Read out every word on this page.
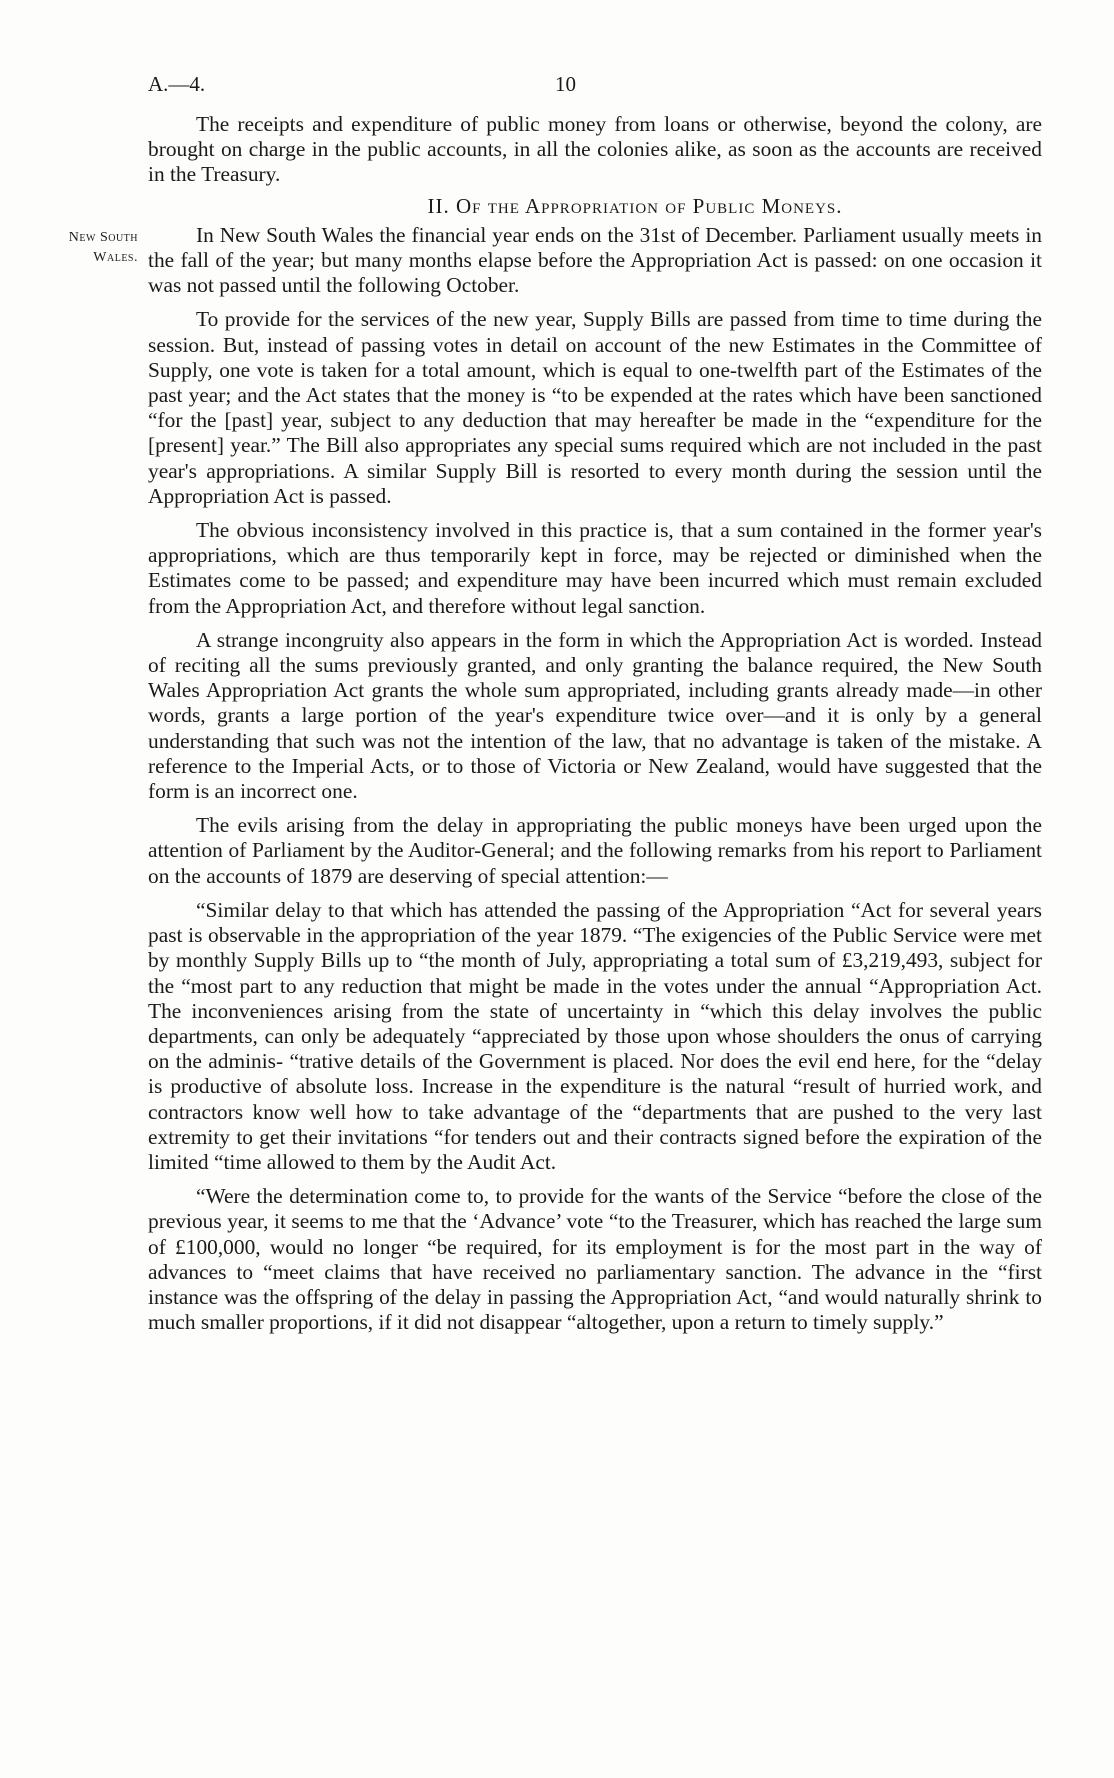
A.—4.	10

The receipts and expenditure of public money from loans or otherwise, beyond the colony, are brought on charge in the public accounts, in all the colonies alike, as soon as the accounts are received in the Treasury.

II. Of the Appropriation of Public Moneys.

In New South Wales the financial year ends on the 31st of December. Parliament usually meets in the fall of the year; but many months elapse before the Appropriation Act is passed: on one occasion it was not passed until the following October.

To provide for the services of the new year, Supply Bills are passed from time to time during the session. But, instead of passing votes in detail on account of the new Estimates in the Committee of Supply, one vote is taken for a total amount, which is equal to one-twelfth part of the Estimates of the past year; and the Act states that the money is “to be expended at the rates which have been sanctioned “for the [past] year, subject to any deduction that may hereafter be made in the “expenditure for the [present] year.” The Bill also appropriates any special sums required which are not included in the past year's appropriations. A similar Supply Bill is resorted to every month during the session until the Appropriation Act is passed.

The obvious inconsistency involved in this practice is, that a sum contained in the former year's appropriations, which are thus temporarily kept in force, may be rejected or diminished when the Estimates come to be passed; and expenditure may have been incurred which must remain excluded from the Appropriation Act, and therefore without legal sanction.

A strange incongruity also appears in the form in which the Appropriation Act is worded. Instead of reciting all the sums previously granted, and only granting the balance required, the New South Wales Appropriation Act grants the whole sum appropriated, including grants already made—in other words, grants a large portion of the year's expenditure twice over—and it is only by a general understanding that such was not the intention of the law, that no advantage is taken of the mistake. A reference to the Imperial Acts, or to those of Victoria or New Zealand, would have suggested that the form is an incorrect one.

The evils arising from the delay in appropriating the public moneys have been urged upon the attention of Parliament by the Auditor-General; and the following remarks from his report to Parliament on the accounts of 1879 are deserving of special attention:—

“Similar delay to that which has attended the passing of the Appropriation “Act for several years past is observable in the appropriation of the year 1879. “The exigencies of the Public Service were met by monthly Supply Bills up to “the month of July, appropriating a total sum of £3,219,493, subject for the “most part to any reduction that might be made in the votes under the annual “Appropriation Act. The inconveniences arising from the state of uncertainty in “which this delay involves the public departments, can only be adequately “appreciated by those upon whose shoulders the onus of carrying on the adminis- “trative details of the Government is placed. Nor does the evil end here, for the “delay is productive of absolute loss. Increase in the expenditure is the natural “result of hurried work, and contractors know well how to take advantage of the “departments that are pushed to the very last extremity to get their invitations “for tenders out and their contracts signed before the expiration of the limited “time allowed to them by the Audit Act.

“Were the determination come to, to provide for the wants of the Service “before the close of the previous year, it seems to me that the ‘Advance’ vote “to the Treasurer, which has reached the large sum of £100,000, would no longer “be required, for its employment is for the most part in the way of advances to “meet claims that have received no parliamentary sanction. The advance in the “first instance was the offspring of the delay in passing the Appropriation Act, “and would naturally shrink to much smaller proportions, if it did not disappear “altogether, upon a return to timely supply.”

New South
Wales.
